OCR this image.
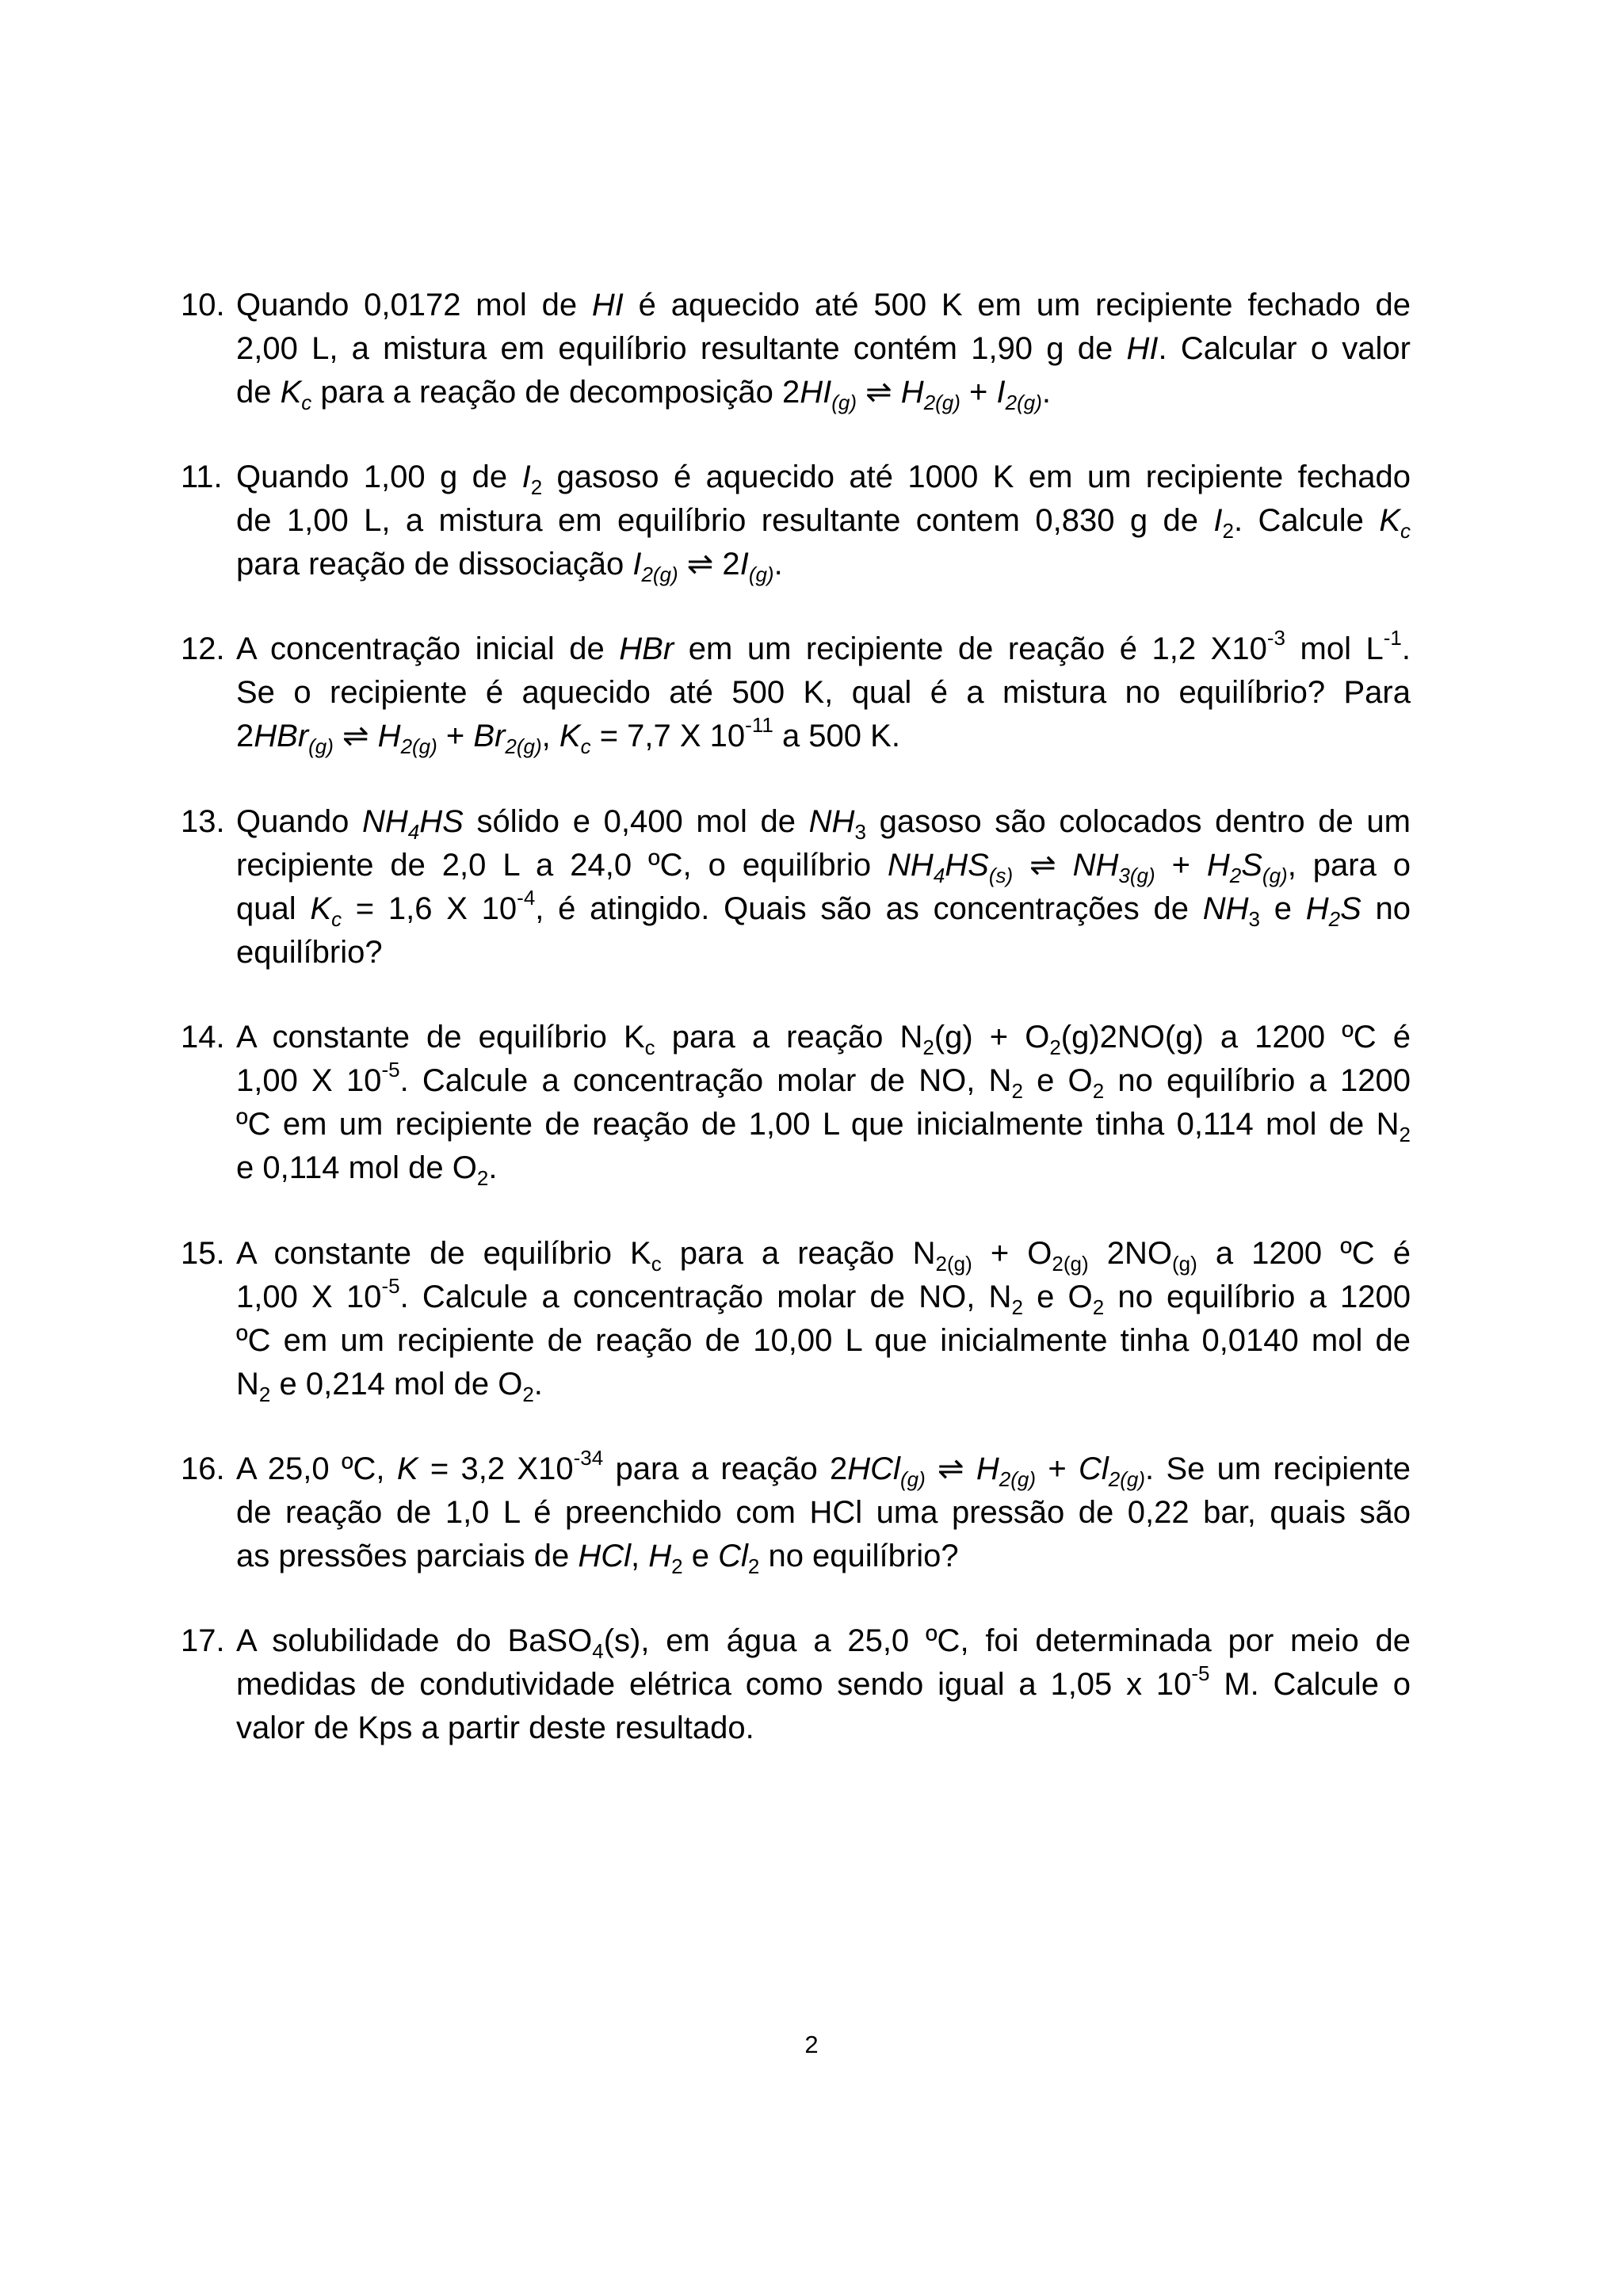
10. Quando 0,0172 mol de HI é aquecido até 500 K em um recipiente fechado de
2,00 L, a mistura em equilíbrio resultante contém 1,90 g de HI. Calcular o valor
de $K_c$ para a reação de decomposição $2HI_{(g)}$ ⇌ $H_{2(g)} + I_{2(g)}$.
11. Quando 1,00 g de $I_2$ gasoso é aquecido até 1000 K em um recipiente fechado
de 1,00 L, a mistura em equilíbrio resultante contem 0,830 g de $I_2$. Calcule $K_c$
para reação de dissociação $I_{2(g)}$ ⇌ $2I_{(g)}$.
12. A concentração inicial de HBr em um recipiente de reação é 1,2 $X10^{-3}$ mol $L^{-1}$.
Se o recipiente é aquecido até 500 K, qual é a mistura no equilíbrio? Para
2HBr$_{(g)}$ ⇌ $H_{2(g)} + Br_{2(g)}$, $K_c = 7,7$ X $10^{-11}$ a 500 K.
13. Quando $NH_4HS$ sólido e 0,400 mol de $NH_3$ gasoso são colocados dentro de um
recipiente de 2,0 L a 24,0 ºC, o equilíbrio $NH_4HS_{(s)}$ ⇌ $NH_{3(g)} + H_2S_{(g)}$, para o
qual $K_c = 1,6$ X $10^{-4}$, é atingido. Quais são as concentrações de $NH_3$ e $H_2S$ no
equilíbrio?
14. A constante de equilíbrio $K_c$ para a reação $N_2(g) + O_2(g)2NO(g)$ a 1200 ºC é
1,00 X $10^{-5}$. Calcule a concentração molar de NO, $N_2$ e $O_2$ no equilíbrio a 1200
ºC em um recipiente de reação de 1,00 L que inicialmente tinha 0,114 mol de $N_2$
e 0,114 mol de $O_2$.
15. A constante de equilíbrio $K_c$ para a reação $N_{2(g)} + O_{2(g)}$ $2NO_{(g)}$ a 1200 ºC é
1,00 X $10^{-5}$. Calcule a concentração molar de NO, $N_2$ e $O_2$ no equilíbrio a 1200
ºC em um recipiente de reação de 10,00 L que inicialmente tinha 0,0140 mol de
$N_2$ e 0,214 mol de $O_2$.
16. A 25,0 ºC, K = 3,2 $X10^{-34}$ para a reação 2HCl$_{(g)}$ ⇌ $H_{2(g)} + Cl_{2(g)}$. Se um recipiente
de reação de 1,0 L é preenchido com HCl uma pressão de 0,22 bar, quais são
as pressões parciais de HCl, $H_2$ e $Cl_2$ no equilíbrio?
17. A solubilidade do BaSO$_4$(s), em água a 25,0 ºC, foi determinada por meio de
medidas de condutividade elétrica como sendo igual a 1,05 x $10^{-5}$ M. Calcule o
valor de Kps a partir deste resultado.
2
